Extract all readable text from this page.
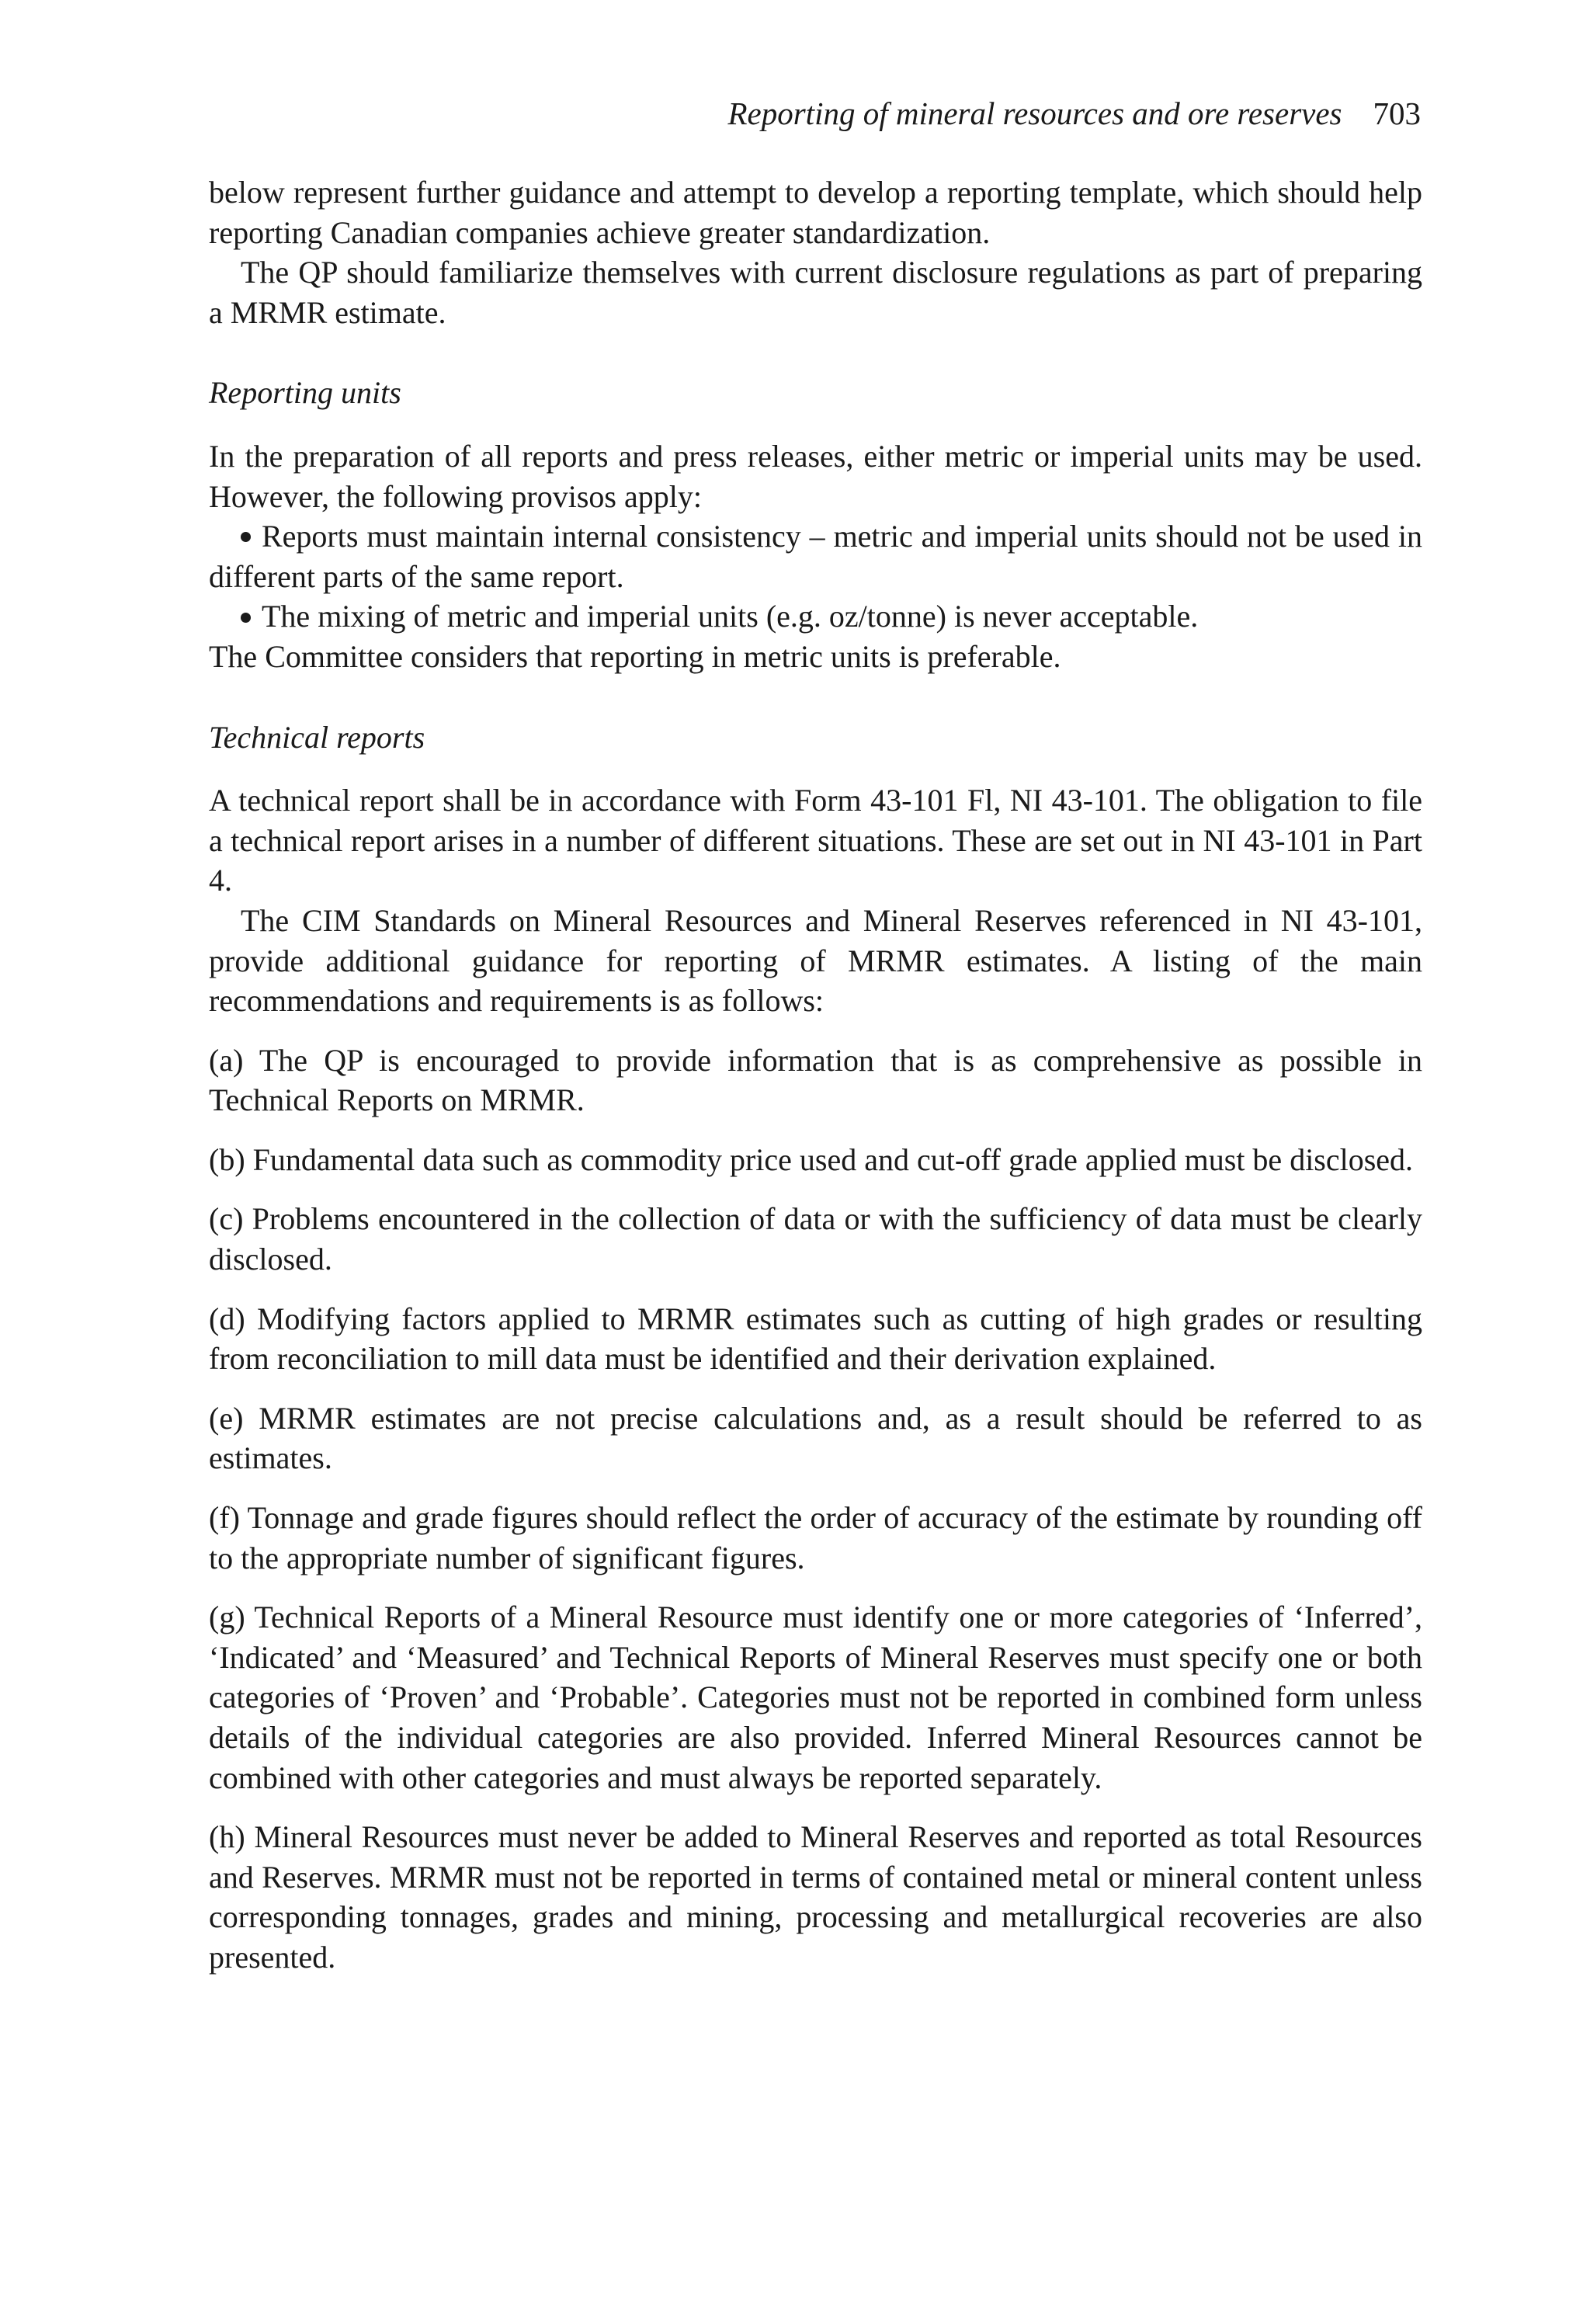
Reporting of mineral resources and ore reserves 703

below represent further guidance and attempt to develop a reporting template, which should help reporting Canadian companies achieve greater standardization.

The QP should familiarize themselves with current disclosure regulations as part of preparing a MRMR estimate.

Reporting units

In the preparation of all reports and press releases, either metric or imperial units may be used. However, the following provisos apply:

Reports must maintain internal consistency – metric and imperial units should not be used in different parts of the same report.

The mixing of metric and imperial units (e.g. oz/tonne) is never acceptable.

The Committee considers that reporting in metric units is preferable.

Technical reports

A technical report shall be in accordance with Form 43-101 Fl, NI 43-101. The obligation to file a technical report arises in a number of different situations. These are set out in NI 43-101 in Part 4.

The CIM Standards on Mineral Resources and Mineral Reserves referenced in NI 43-101, provide additional guidance for reporting of MRMR estimates. A listing of the main recommendations and requirements is as follows:

(a) The QP is encouraged to provide information that is as comprehensive as possible in Technical Reports on MRMR.

(b) Fundamental data such as commodity price used and cut-off grade applied must be disclosed.

(c) Problems encountered in the collection of data or with the sufficiency of data must be clearly disclosed.

(d) Modifying factors applied to MRMR estimates such as cutting of high grades or resulting from reconciliation to mill data must be identified and their derivation explained.

(e) MRMR estimates are not precise calculations and, as a result should be referred to as estimates.

(f) Tonnage and grade figures should reflect the order of accuracy of the estimate by rounding off to the appropriate number of significant figures.

(g) Technical Reports of a Mineral Resource must identify one or more categories of ‘Inferred’, ‘Indicated’ and ‘Measured’ and Technical Reports of Mineral Reserves must specify one or both categories of ‘Proven’ and ‘Probable’. Categories must not be reported in combined form unless details of the individual categories are also provided. Inferred Mineral Resources cannot be combined with other categories and must always be reported separately.

(h) Mineral Resources must never be added to Mineral Reserves and reported as total Resources and Reserves. MRMR must not be reported in terms of contained metal or mineral content unless corresponding tonnages, grades and mining, processing and metallurgical recoveries are also presented.
